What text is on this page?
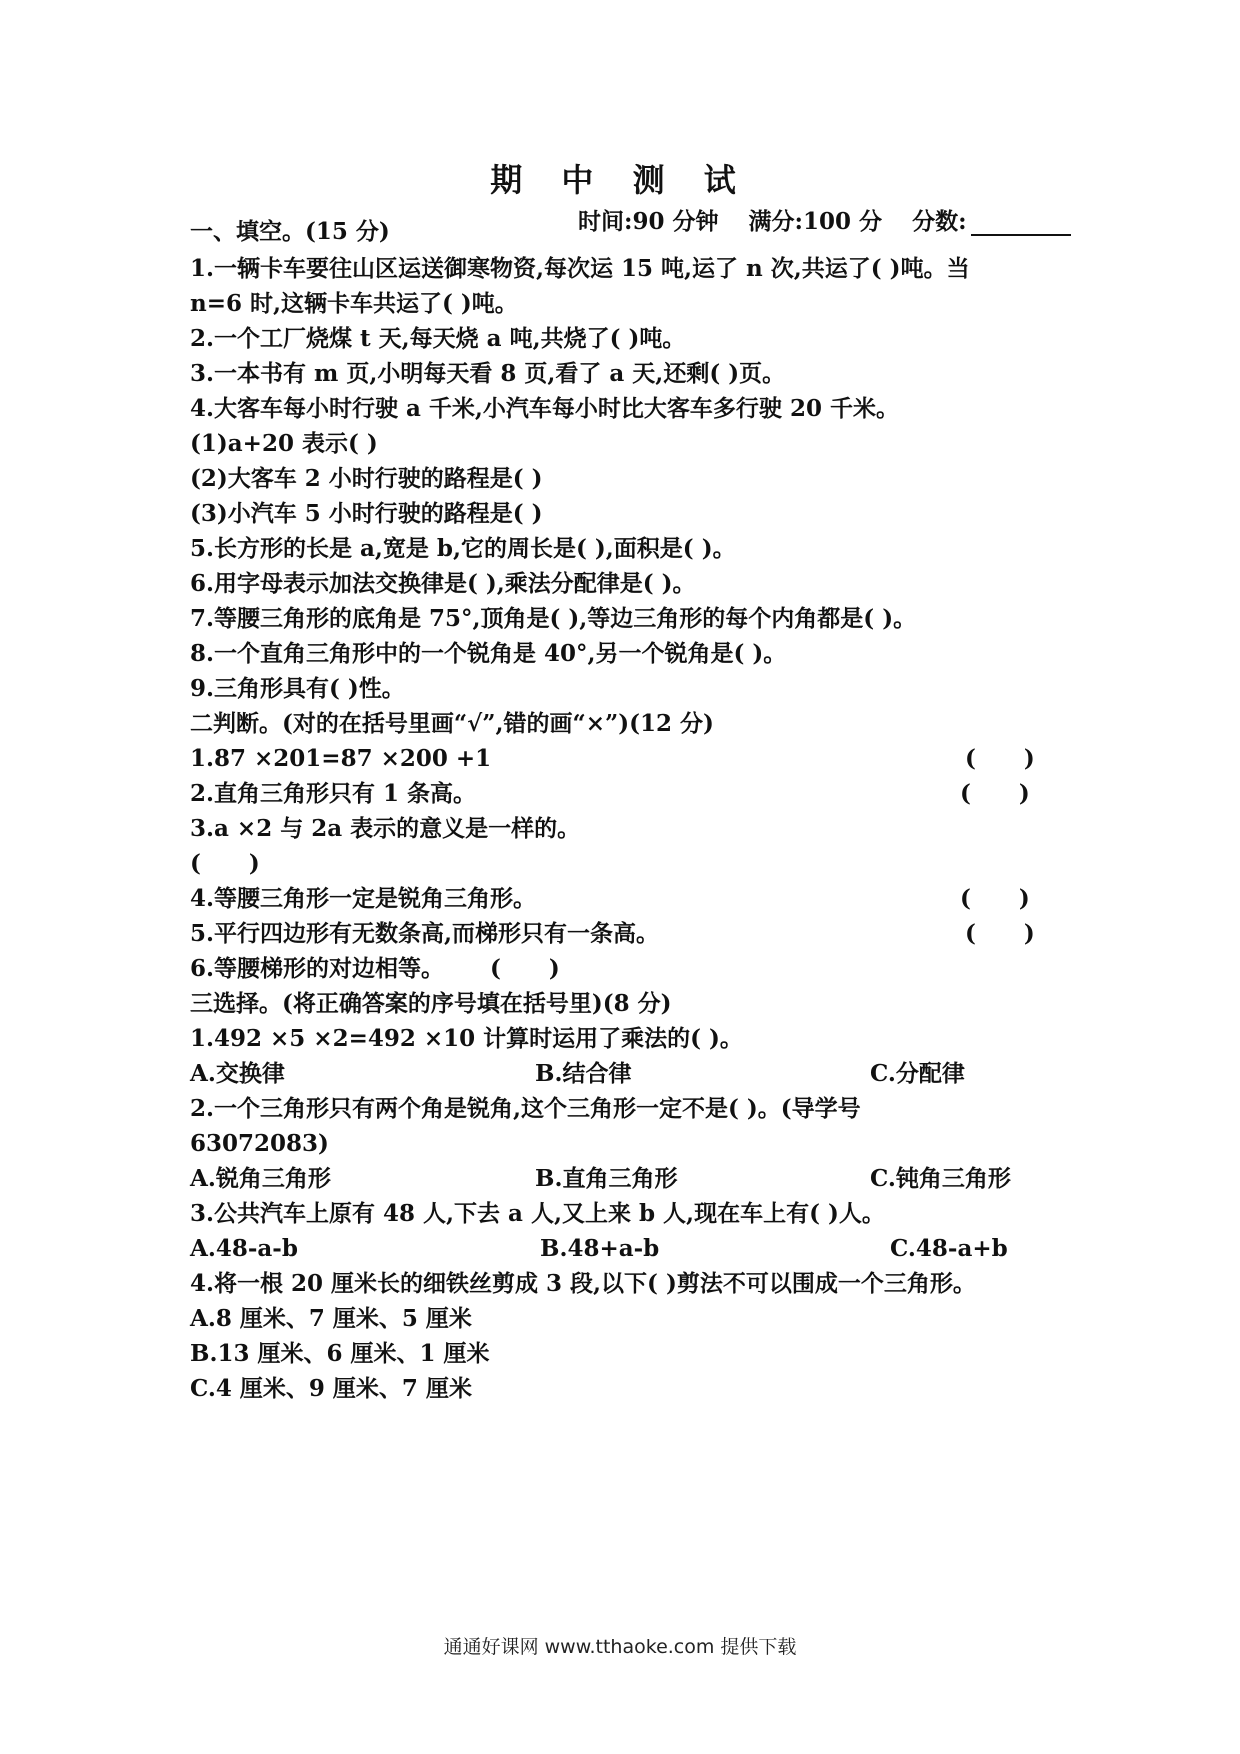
期 中 测 试
时间:90 分钟 满分:100 分 分数:
一、填空。(15 分)
1.一辆卡车要往山区运送御寒物资,每次运 15 吨,运了 n 次,共运了( )吨。当
n=6 时,这辆卡车共运了( )吨。
2.一个工厂烧煤 t 天,每天烧 a 吨,共烧了( )吨。
3.一本书有 m 页,小明每天看 8 页,看了 a 天,还剩( )页。
4.大客车每小时行驶 a 千米,小汽车每小时比大客车多行驶 20 千米。
(1)a+20 表示( )
(2)大客车 2 小时行驶的路程是( )
(3)小汽车 5 小时行驶的路程是( )
5.长方形的长是 a,宽是 b,它的周长是( ),面积是( )。
6.用字母表示加法交换律是( ),乘法分配律是( )。
7.等腰三角形的底角是 75°,顶角是( ),等边三角形的每个内角都是( )。
8.一个直角三角形中的一个锐角是 40°,另一个锐角是( )。
9.三角形具有( )性。
二判断。(对的在括号里画“√”,错的画“×”)(12 分)
1.87 ×201=87 ×200 +1	(      )
2.直角三角形只有 1 条高。	(      )
3.a ×2 与 2a 表示的意义是一样的。
(      )
4.等腰三角形一定是锐角三角形。	(      )
5.平行四边形有无数条高,而梯形只有一条高。	(      )
6.等腰梯形的对边相等。 (      )
三选择。(将正确答案的序号填在括号里)(8 分)
1.492 ×5 ×2=492 ×10 计算时运用了乘法的( )。
A.交换律	B.结合律	C.分配律
2.一个三角形只有两个角是锐角,这个三角形一定不是( )。(导学号
63072083)
A.锐角三角形	B.直角三角形	C.钝角三角形
3.公共汽车上原有 48 人,下去 a 人,又上来 b 人,现在车上有( )人。
A.48-a-b	B.48+a-b	C.48-a+b
4.将一根 20 厘米长的细铁丝剪成 3 段,以下( )剪法不可以围成一个三角形。
A.8 厘米、7 厘米、5 厘米
B.13 厘米、6 厘米、1 厘米
C.4 厘米、9 厘米、7 厘米
通通好课网 www.tthaoke.com 提供下载
